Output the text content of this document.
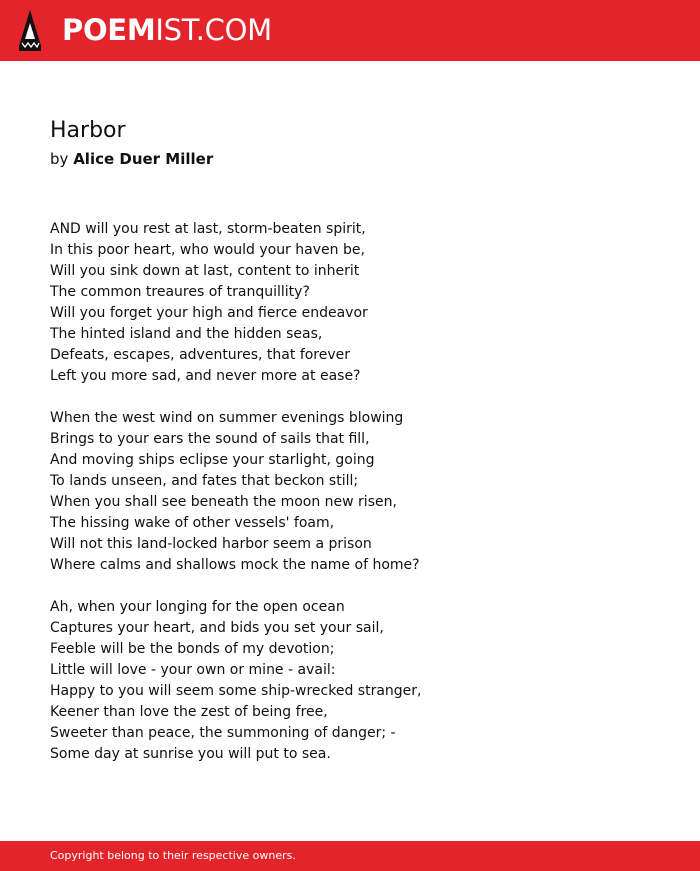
POEMIST.COM
Harbor
by Alice Duer Miller
AND will you rest at last, storm-beaten spirit,
In this poor heart, who would your haven be,
Will you sink down at last, content to inherit
The common treaures of tranquillity?
Will you forget your high and fierce endeavor
The hinted island and the hidden seas,
Defeats, escapes, adventures, that forever
Left you more sad, and never more at ease?
When the west wind on summer evenings blowing
Brings to your ears the sound of sails that fill,
And moving ships eclipse your starlight, going
To lands unseen, and fates that beckon still;
When you shall see beneath the moon new risen,
The hissing wake of other vessels' foam,
Will not this land-locked harbor seem a prison
Where calms and shallows mock the name of home?
Ah, when your longing for the open ocean
Captures your heart, and bids you set your sail,
Feeble will be the bonds of my devotion;
Little will love - your own or mine - avail:
Happy to you will seem some ship-wrecked stranger,
Keener than love the zest of being free,
Sweeter than peace, the summoning of danger; -
Some day at sunrise you will put to sea.
Copyright belong to their respective owners.
